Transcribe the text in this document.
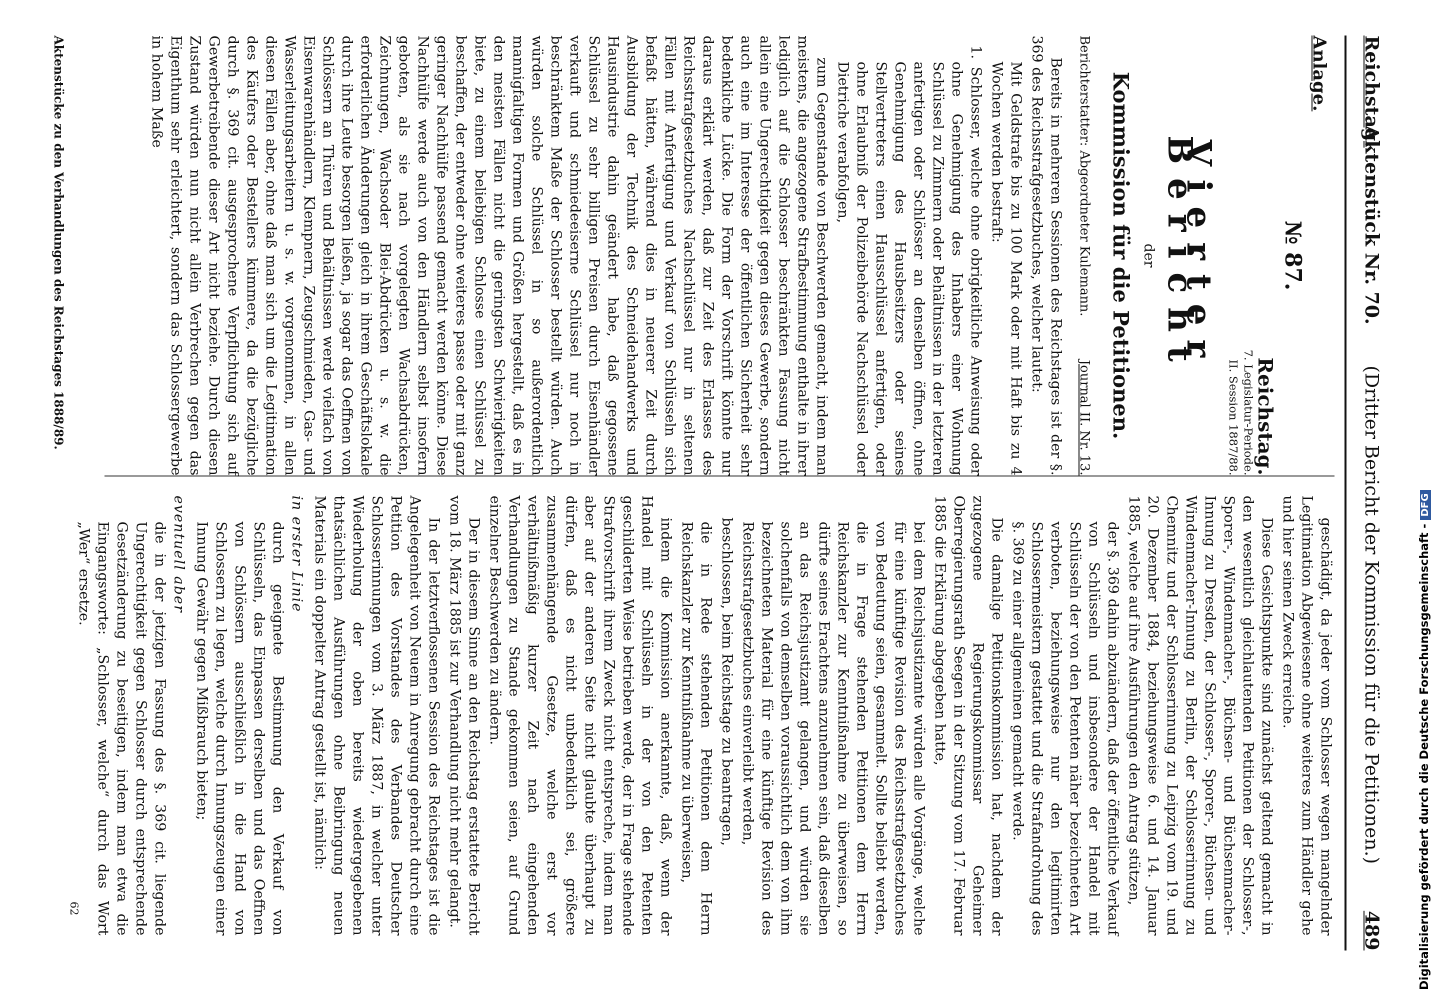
Reichstag.
Aktenstück Nr. 70.
(Dritter Bericht der Kommission für die Petitionen.)
489
Anlage.
№ 87.
Reichstag.
7. Legislatur-Periode.
II. Session 1887/88.
Vierter Bericht
der
Kommission für die Petitionen.
Berichterstatter: Abgeordneter Kulemann.
Journal II. Nr. 13.

Bereits in mehreren Sessionen des Reichstages ist der §. 369 des Reichsstrafgesetzbuches, welcher lautet:

Mit Geldstrafe bis zu 100 Mark oder mit Haft bis zu 4 Wochen werden bestraft:

1. Schlosser, welche ohne obrigkeitliche Anweisung oder ohne Genehmigung des Inhabers einer Wohnung Schlüssel zu Zimmern oder Behältnissen in der letzteren anfertigen oder Schlösser an denselben öffnen, ohne Genehmigung des Hausbesitzers oder seines Stellvertreters einen Hausschlüssel anfertigen, oder ohne Erlaubniß der Polizeibehörde Nachschlüssel oder Dietriche verabfolgen,

zum Gegenstande von Beschwerden gemacht, indem man meistens, die angezogene Strafbestimmung enthalte in ihrer lediglich auf die Schlosser beschränkten Fassung nicht allein eine Ungerechtigkeit gegen dieses Gewerbe, sondern auch eine im Interesse der öffentlichen Sicherheit sehr bedenkliche Lücke. Die Form der Vorschrift könnte nur daraus erklärt werden, daß zur Zeit des Erlasses des Reichsstrafgesetzbuches Nachschlüssel nur in seltenen Fällen mit Anfertigung und Verkauf von Schlüsseln sich befaßt hätten, während dies in neuerer Zeit durch Ausbildung der Technik des Schneidehandwerks und Hausindustrie dahin geändert habe, daß gegossene Schlüssel zu sehr billigen Preisen durch Eisenhändler verkauft und schmiedeeiserne Schlüssel nur noch in beschränktem Maße der Schlosser bestellt würden. Auch würden solche Schlüssel in so außerordentlich mannigfaltigen Formen und Größen hergestellt, daß es in den meisten Fällen nicht die geringsten Schwierigkeiten biete, zu einem beliebigen Schlosse einen Schlüssel zu beschaffen, der entweder ohne weiteres passe oder mit ganz geringer Nachhülfe passend gemacht werden könne. Diese Nachhülfe werde auch von den Händlern selbst insofern geboten, als sie nach vorgelegten Wachsabdrücken, Zeichnungen, Wachsoder Blei-Abdrücken u. s. w. die erforderlichen Änderungen gleich in ihrem Geschäftslokale durch ihre Leute besorgen ließen, ja sogar das Oeffnen von Schlössern an Thüren und Behältnissen werde vielfach von Eisenwarenhändlern, Klempnern, Zeugschmieden, Gas- und Wasserleitungsarbeitern u. s. w. vorgenommen, in allen diesen Fällen aber, ohne daß man sich um die Legitimation des Käufers oder Bestellers kümmere, da die bezügliche durch §. 369 cit. ausgesprochene Verpflichtung sich auf Gewerbetreibende dieser Art nicht beziehe. Durch diesen Zustand würden nun nicht allein Verbrechen gegen das Eigenthum sehr erleichtert, sondern das Schlossergewerbe in hohem Maße

geschädigt, da jeder vom Schlosser wegen mangelnder Legitimation Abgewiesene ohne weiteres zum Händler gehe und hier seinen Zweck erreiche.

Diese Gesichtspunkte sind zunächst geltend gemacht in den wesentlich gleichlautenden Petitionen der Schlosser-, Sporer-, Windenmacher-, Büchsen- und Büchsenmacher-Innung zu Dresden, der Schlosser-, Sporer-, Büchsen- und Windenmacher-Innung zu Berlin, der Schlosserinnung zu Chemnitz und der Schlosserinnung zu Leipzig vom 19. und 20. Dezember 1884, beziehungsweise 6. und 14. Januar 1885, welche auf ihre Ausführungen den Antrag stützen,

der §. 369 dahin abzuändern, daß der öffentliche Verkauf von Schlüsseln und insbesondere der Handel mit Schlüsseln der von den Petenten näher bezeichneten Art verboten, beziehungsweise nur den legitimirten Schlossermeistern gestattet und die Strafandrohung des §. 369 zu einer allgemeinen gemacht werde.

Die damalige Petitionskommission hat, nachdem der zugezogene Regierungskommissar Geheimer Oberregierungsrath Seegen in der Sitzung vom 17. Februar 1885 die Erklärung abgegeben hatte,

bei dem Reichsjustizamte würden alle Vorgänge, welche für eine künftige Revision des Reichsstrafgesetzbuches von Bedeutung seien, gesammelt. Sollte beliebt werden, die in Frage stehenden Petitionen dem Herrn Reichskanzler zur Kenntnißnahme zu überweisen, so dürfte seines Erachtens anzunehmen sein, daß dieselben an das Reichsjustizamt gelangen, und würden sie solchenfalls von demselben voraussichtlich dem von ihm bezeichneten Material für eine künftige Revision des Reichsstrafgesetzbuches einverleibt werden,

beschlossen, beim Reichstage zu beantragen,

die in Rede stehenden Petitionen dem Herrn Reichskanzler zur Kenntnißnahme zu überweisen,

indem die Kommission anerkannte, daß, wenn der Handel mit Schlüsseln in der von den Petenten geschilderten Weise betrieben werde, der in Frage stehende Strafvorschrift ihrem Zweck nicht entspreche, indem man aber auf der anderen Seite nicht glaubte überhaupt zu dürfen, daß es nicht unbedenklich sei, größere zusammenhängende Gesetze, welche erst vor verhältnißmäßig kurzer Zeit nach eingehenden Verhandlungen zu Stande gekommen seien, auf Grund einzelner Beschwerden zu ändern.

Der in diesem Sinne an den Reichstag erstattete Bericht vom 18. März 1885 ist zur Verhandlung nicht mehr gelangt.

In der letztverflossenen Session des Reichstages ist die Angelegenheit von Neuem in Anregung gebracht durch eine Petition des Vorstandes des Verbandes Deutscher Schlosserinnungen vom 3. März 1887, in welcher unter Wiederholung der oben bereits wiedergegebenen thatsächlichen Ausführungen ohne Beibringung neuen Materials ein doppelter Antrag gestellt ist, nämlich:

in erster Linie

durch geeignete Bestimmung den Verkauf von Schlüsseln, das Einpassen derselben und das Oeffnen von Schlössern ausschließlich in die Hand von Schlossern zu legen, welche durch Innungszeugen einer Innung Gewähr gegen Mißbrauch bieten;

eventuell aber

die in der jetzigen Fassung des §. 369 cit. liegende Ungerechtigkeit gegen Schlosser durch entsprechende Gesetzänderung zu beseitigen, indem man etwa die Eingangsworte: „Schlosser, welche“ durch das Wort „Wer“ ersetze.

Aktenstücke zu den Verhandlungen des Reichstages 1888/89.
62	Digitalisierung gefördert durch die Deutsche Forschungsgemeinschaft -DFG
